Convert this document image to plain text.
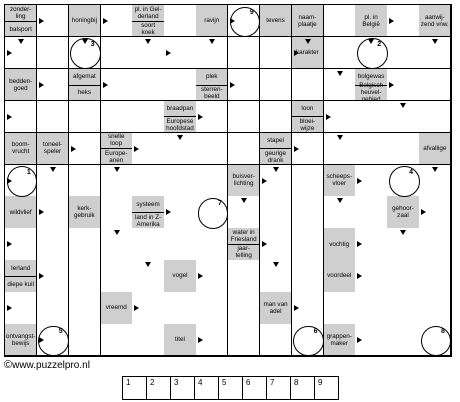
zonder-
ling
balsport
honingbij
pl. in Gel-
derland
soort
koek
ravijn	tevens	naam-
plaatje
pl. in
België
aanwij-
zend vnw.
karakter
bedden-
goed
afgemat
heks
plek
sterren-
beeld
bolgewas
Belgisch
heuvel-

braadpan
Europese
hoofdstad
loon
bloei-
wijze
boom-
vrucht
toneel-
speler
snelle
loop
Europe-
anen
stapel
geurige
drank
afvallige
buisver-
lichting
scheeps-
vloer
wildvlief	kerk-
gebruik
systeem
land in Z-
Amerika
gehoor-
zaal
water in
Friesland
jaar-
telling
vochtig
Ierland
diepe kuil
vogel	voordeel
vreemd	man van
adel
ontvangst-
bewijs	titel	grappen-
maker
9
3	2
1	4
7
5	6	8
©www.puzzelpro.nl
1	2	3	4	5	6	7	8	9
